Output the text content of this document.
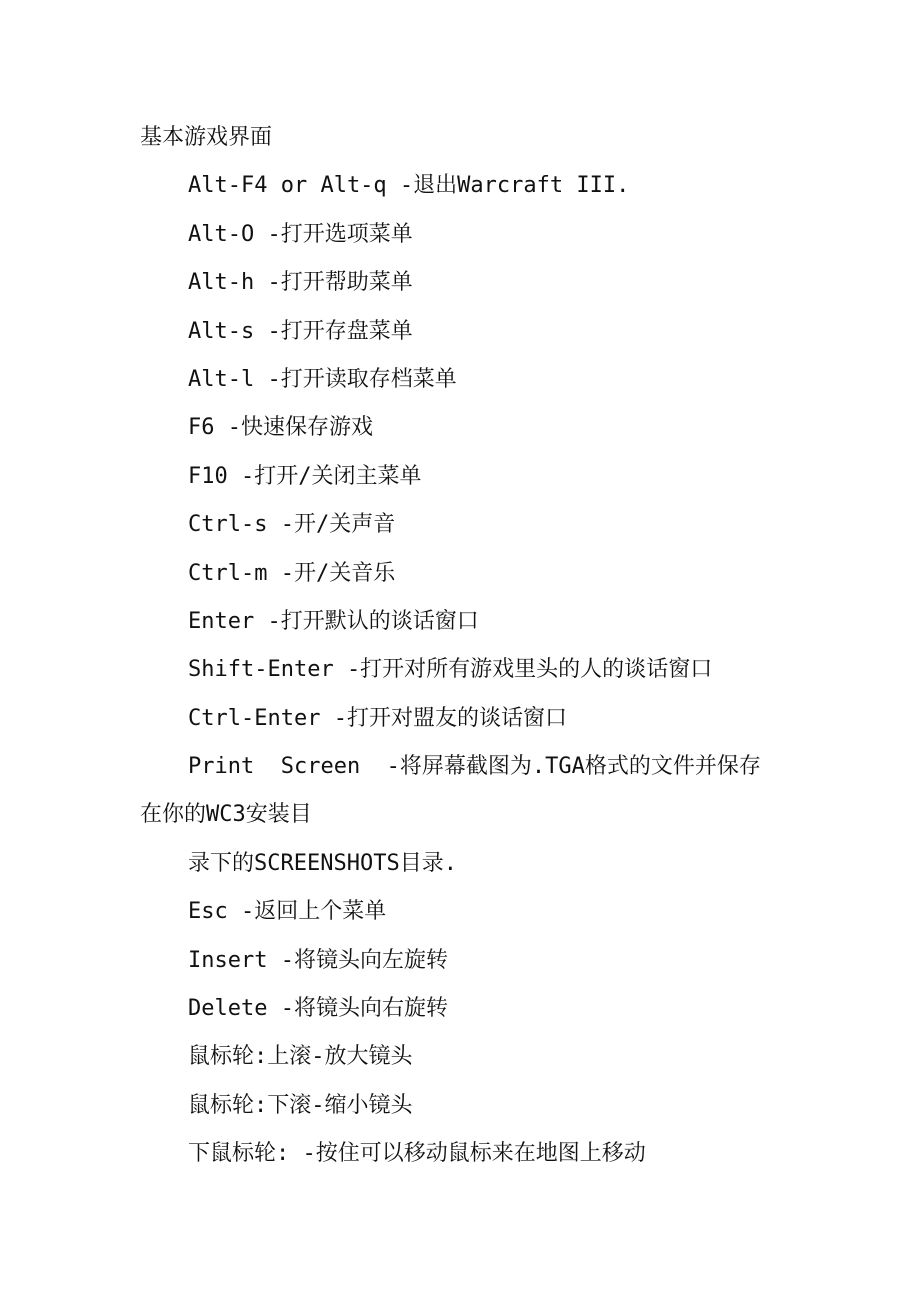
基本游戏界面
Alt-F4 or Alt-q -退出Warcraft III.
Alt-O -打开选项菜单
Alt-h -打开帮助菜单
Alt-s -打开存盘菜单
Alt-l -打开读取存档菜单
F6 -快速保存游戏
F10 -打开/关闭主菜单
Ctrl-s -开/关声音
Ctrl-m -开/关音乐
Enter -打开默认的谈话窗口
Shift-Enter -打开对所有游戏里头的人的谈话窗口
Ctrl-Enter -打开对盟友的谈话窗口
Print  Screen  -将屏幕截图为.TGA格式的文件并保存
在你的WC3安装目
录下的SCREENSHOTS目录.
Esc -返回上个菜单
Insert -将镜头向左旋转
Delete -将镜头向右旋转
鼠标轮:上滚-放大镜头
鼠标轮:下滚-缩小镜头
下鼠标轮: -按住可以移动鼠标来在地图上移动
